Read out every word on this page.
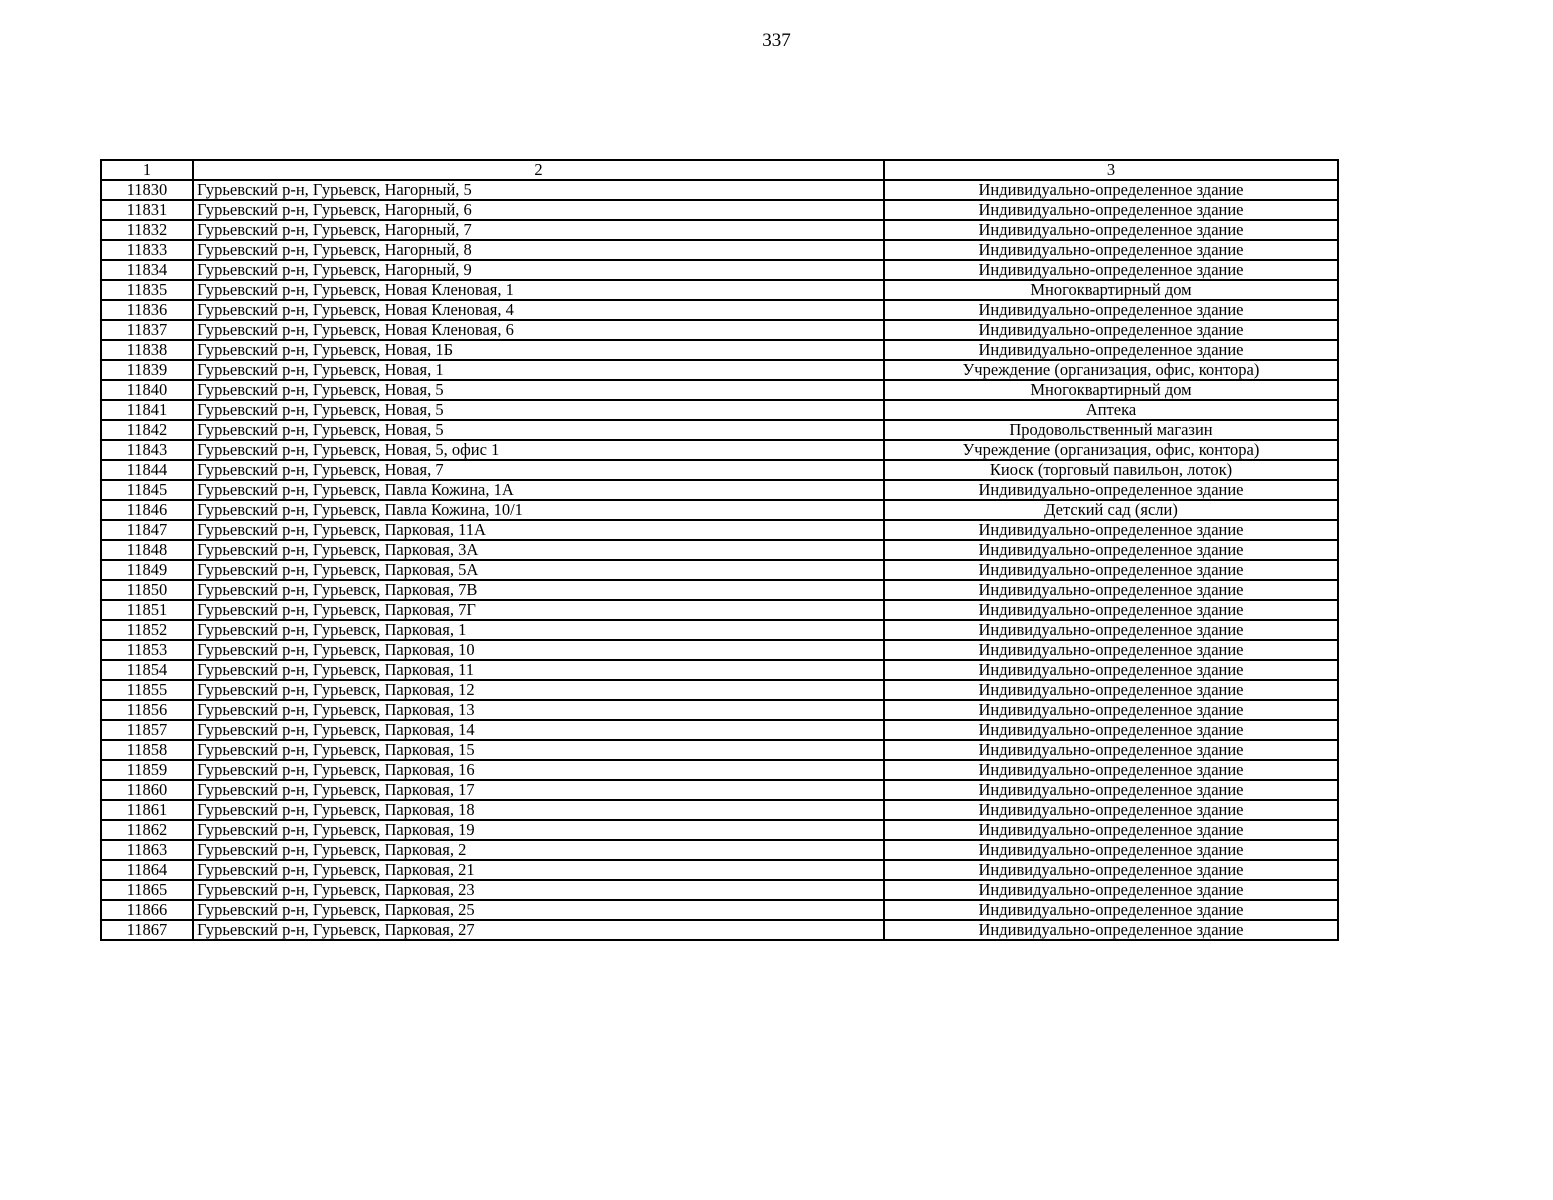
337
1	2	3
11830	Гурьевский р-н, Гурьевск, Нагорный, 5	Индивидуально-определенное здание
11831	Гурьевский р-н, Гурьевск, Нагорный, 6	Индивидуально-определенное здание
11832	Гурьевский р-н, Гурьевск, Нагорный, 7	Индивидуально-определенное здание
11833	Гурьевский р-н, Гурьевск, Нагорный, 8	Индивидуально-определенное здание
11834	Гурьевский р-н, Гурьевск, Нагорный, 9	Индивидуально-определенное здание
11835	Гурьевский р-н, Гурьевск, Новая Кленовая, 1	Многоквартирный дом
11836	Гурьевский р-н, Гурьевск, Новая Кленовая, 4	Индивидуально-определенное здание
11837	Гурьевский р-н, Гурьевск, Новая Кленовая, 6	Индивидуально-определенное здание
11838	Гурьевский р-н, Гурьевск, Новая, 1Б	Индивидуально-определенное здание
11839	Гурьевский р-н, Гурьевск, Новая, 1	Учреждение (организация, офис, контора)
11840	Гурьевский р-н, Гурьевск, Новая, 5	Многоквартирный дом
11841	Гурьевский р-н, Гурьевск, Новая, 5	Аптека
11842	Гурьевский р-н, Гурьевск, Новая, 5	Продовольственный магазин
11843	Гурьевский р-н, Гурьевск, Новая, 5, офис 1	Учреждение (организация, офис, контора)
11844	Гурьевский р-н, Гурьевск, Новая, 7	Киоск (торговый павильон, лоток)
11845	Гурьевский р-н, Гурьевск, Павла Кожина, 1А	Индивидуально-определенное здание
11846	Гурьевский р-н, Гурьевск, Павла Кожина, 10/1	Детский сад (ясли)
11847	Гурьевский р-н, Гурьевск, Парковая, 11А	Индивидуально-определенное здание
11848	Гурьевский р-н, Гурьевск, Парковая, 3А	Индивидуально-определенное здание
11849	Гурьевский р-н, Гурьевск, Парковая, 5А	Индивидуально-определенное здание
11850	Гурьевский р-н, Гурьевск, Парковая, 7В	Индивидуально-определенное здание
11851	Гурьевский р-н, Гурьевск, Парковая, 7Г	Индивидуально-определенное здание
11852	Гурьевский р-н, Гурьевск, Парковая, 1	Индивидуально-определенное здание
11853	Гурьевский р-н, Гурьевск, Парковая, 10	Индивидуально-определенное здание
11854	Гурьевский р-н, Гурьевск, Парковая, 11	Индивидуально-определенное здание
11855	Гурьевский р-н, Гурьевск, Парковая, 12	Индивидуально-определенное здание
11856	Гурьевский р-н, Гурьевск, Парковая, 13	Индивидуально-определенное здание
11857	Гурьевский р-н, Гурьевск, Парковая, 14	Индивидуально-определенное здание
11858	Гурьевский р-н, Гурьевск, Парковая, 15	Индивидуально-определенное здание
11859	Гурьевский р-н, Гурьевск, Парковая, 16	Индивидуально-определенное здание
11860	Гурьевский р-н, Гурьевск, Парковая, 17	Индивидуально-определенное здание
11861	Гурьевский р-н, Гурьевск, Парковая, 18	Индивидуально-определенное здание
11862	Гурьевский р-н, Гурьевск, Парковая, 19	Индивидуально-определенное здание
11863	Гурьевский р-н, Гурьевск, Парковая, 2	Индивидуально-определенное здание
11864	Гурьевский р-н, Гурьевск, Парковая, 21	Индивидуально-определенное здание
11865	Гурьевский р-н, Гурьевск, Парковая, 23	Индивидуально-определенное здание
11866	Гурьевский р-н, Гурьевск, Парковая, 25	Индивидуально-определенное здание
11867	Гурьевский р-н, Гурьевск, Парковая, 27	Индивидуально-определенное здание
